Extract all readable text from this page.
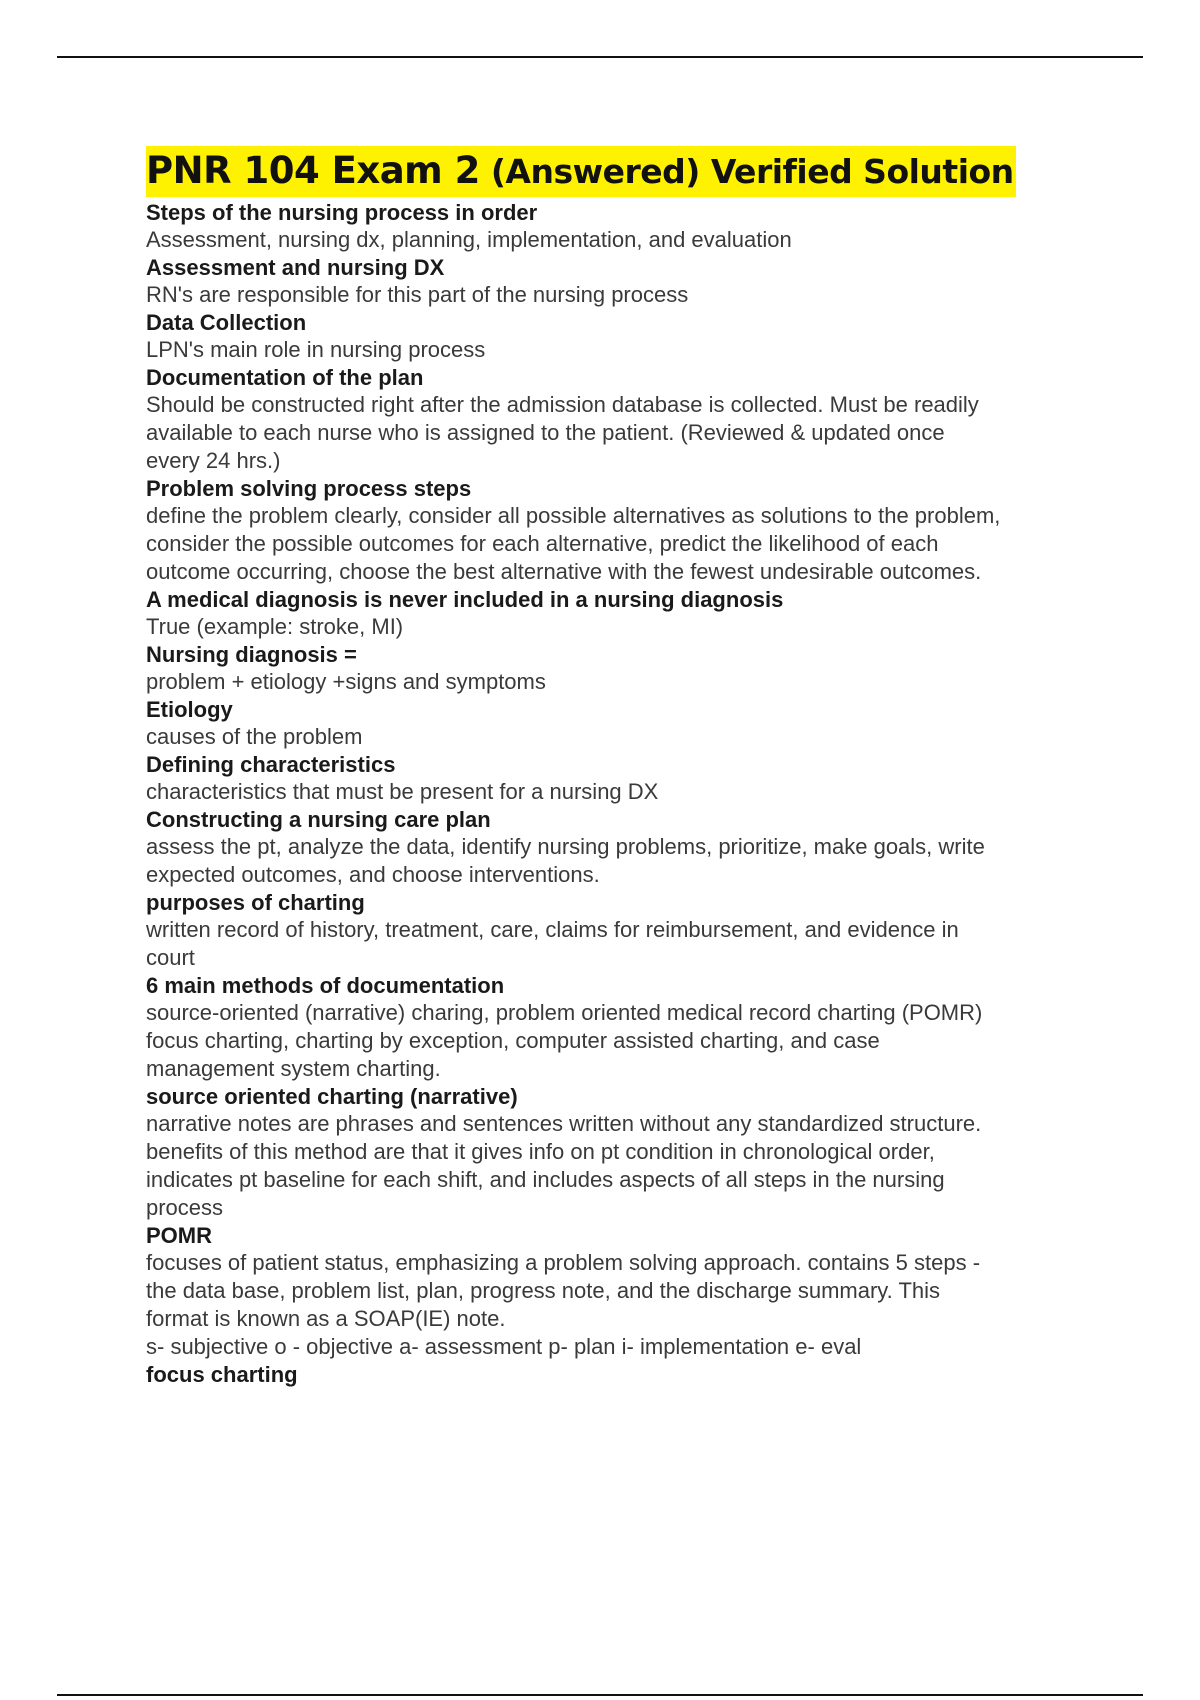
PNR 104 Exam 2 (Answered) Verified Solution
Steps of the nursing process in order
Assessment, nursing dx, planning, implementation, and evaluation
Assessment and nursing DX
RN's are responsible for this part of the nursing process
Data Collection
LPN's main role in nursing process
Documentation of the plan
Should be constructed right after the admission database is collected. Must be readily
available to each nurse who is assigned to the patient. (Reviewed & updated once
every 24 hrs.)
Problem solving process steps
define the problem clearly, consider all possible alternatives as solutions to the problem,
consider the possible outcomes for each alternative, predict the likelihood of each
outcome occurring, choose the best alternative with the fewest undesirable outcomes.
A medical diagnosis is never included in a nursing diagnosis
True (example: stroke, MI)
Nursing diagnosis =
problem + etiology +signs and symptoms
Etiology
causes of the problem
Defining characteristics
characteristics that must be present for a nursing DX
Constructing a nursing care plan
assess the pt, analyze the data, identify nursing problems, prioritize, make goals, write
expected outcomes, and choose interventions.
purposes of charting
written record of history, treatment, care, claims for reimbursement, and evidence in
court
6 main methods of documentation
source-oriented (narrative) charing, problem oriented medical record charting (POMR)
focus charting, charting by exception, computer assisted charting, and case
management system charting.
source oriented charting (narrative)
narrative notes are phrases and sentences written without any standardized structure.
benefits of this method are that it gives info on pt condition in chronological order,
indicates pt baseline for each shift, and includes aspects of all steps in the nursing
process
POMR
focuses of patient status, emphasizing a problem solving approach. contains 5 steps -
the data base, problem list, plan, progress note, and the discharge summary. This
format is known as a SOAP(IE) note.
s- subjective o - objective a- assessment p- plan i- implementation e- eval
focus charting
